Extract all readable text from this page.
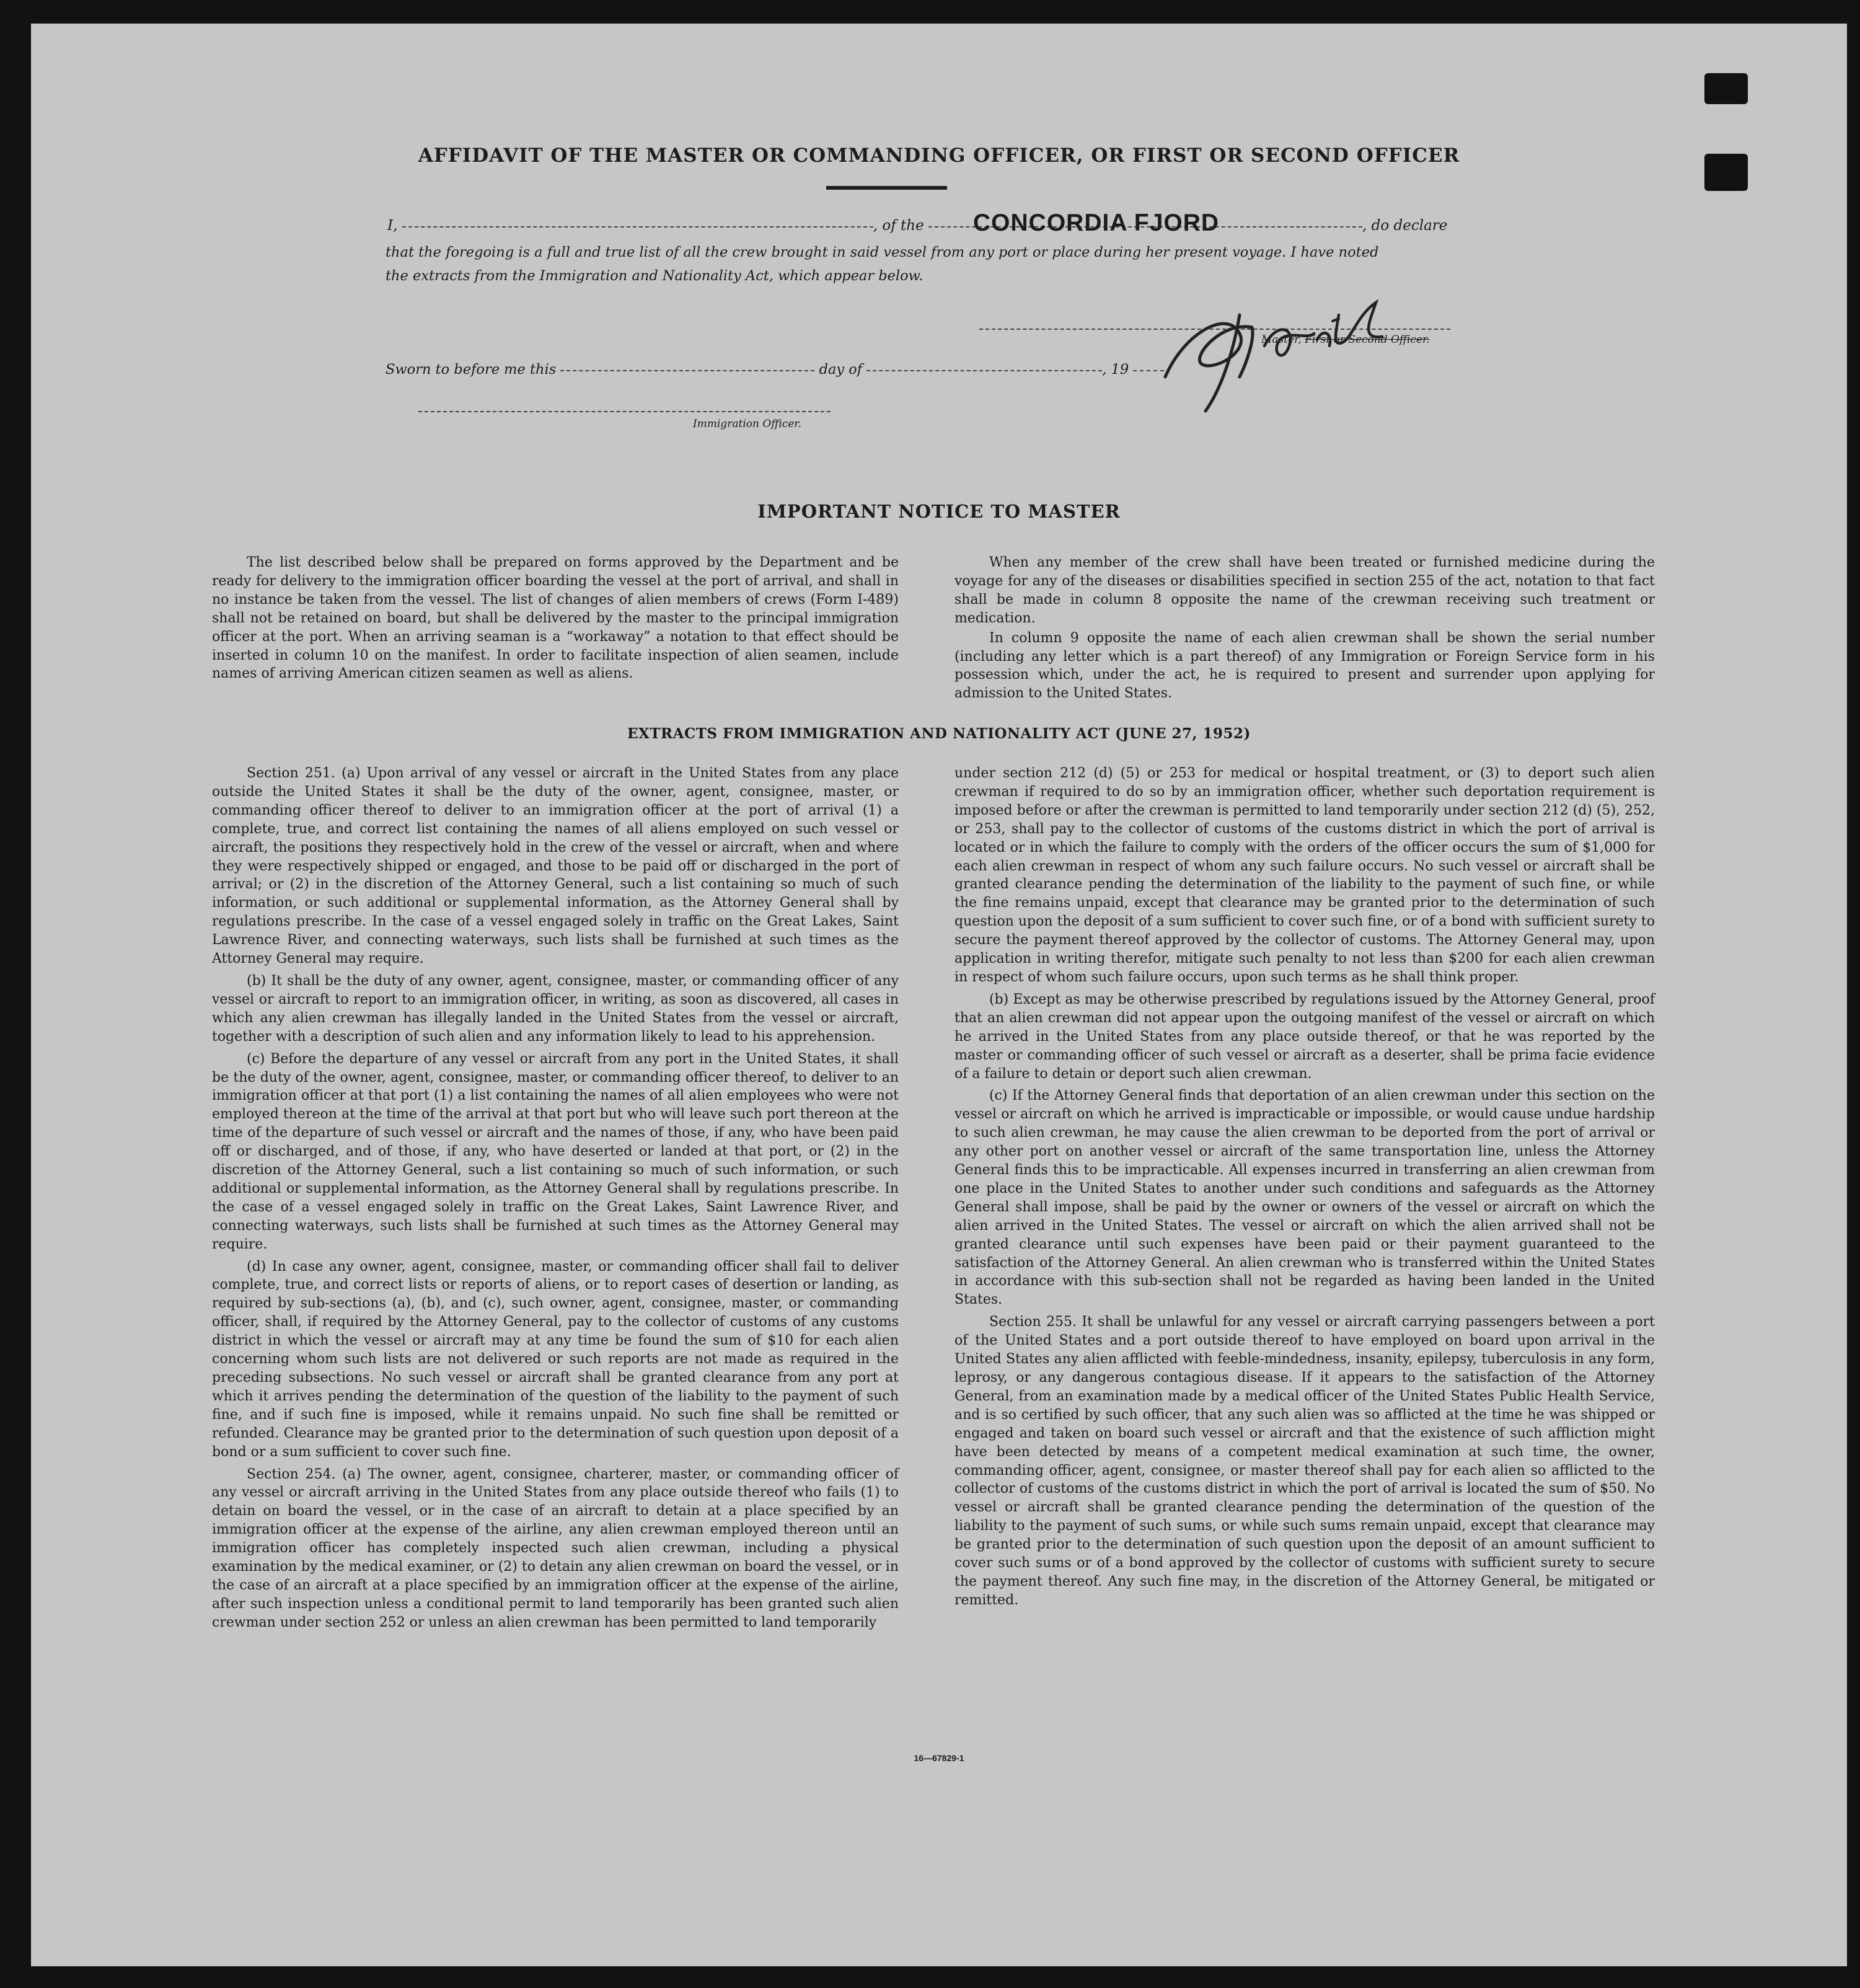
AFFIDAVIT OF THE MASTER OR COMMANDING OFFICER, OR FIRST OR SECOND OFFICER
I,	, of the	, do declare
CONCORDIA FJORD
that the foregoing is a full and true list of all the crew brought in said vessel from any port or place during her present voyage. I have noted
the extracts from the Immigration and Nationality Act, which appear below.
Master, First or Second Officer.
Sworn to before me this	day of	, 19
Immigration Officer.
IMPORTANT NOTICE TO MASTER

The list described below shall be prepared on forms approved by the Department and be ready for delivery to the immigration officer boarding the vessel at the port of arrival, and shall in no instance be taken from the vessel. The list of changes of alien members of crews (Form I-489) shall not be retained on board, but shall be delivered by the master to the principal immigration officer at the port. When an arriving seaman is a “workaway” a notation to that effect should be inserted in column 10 on the manifest. In order to facilitate inspection of alien seamen, include names of arriving American citizen seamen as well as aliens.

When any member of the crew shall have been treated or furnished medicine during the voyage for any of the diseases or disabilities specified in section 255 of the act, notation to that fact shall be made in column 8 opposite the name of the crewman receiving such treatment or medication.

In column 9 opposite the name of each alien crewman shall be shown the serial number (including any letter which is a part thereof) of any Immigration or Foreign Service form in his possession which, under the act, he is required to present and surrender upon applying for admission to the United States.

EXTRACTS FROM IMMIGRATION AND NATIONALITY ACT (JUNE 27, 1952)

Section 251. (a) Upon arrival of any vessel or aircraft in the United States from any place outside the United States it shall be the duty of the owner, agent, consignee, master, or commanding officer thereof to deliver to an immigration officer at the port of arrival (1) a complete, true, and correct list containing the names of all aliens employed on such vessel or aircraft, the positions they respectively hold in the crew of the vessel or aircraft, when and where they were respectively shipped or engaged, and those to be paid off or discharged in the port of arrival; or (2) in the discretion of the Attorney General, such a list containing so much of such information, or such additional or supplemental information, as the Attorney General shall by regulations prescribe. In the case of a vessel engaged solely in traffic on the Great Lakes, Saint Lawrence River, and connecting waterways, such lists shall be furnished at such times as the Attorney General may require.

(b) It shall be the duty of any owner, agent, consignee, master, or commanding officer of any vessel or aircraft to report to an immigration officer, in writing, as soon as discovered, all cases in which any alien crewman has illegally landed in the United States from the vessel or aircraft, together with a description of such alien and any information likely to lead to his apprehension.

(c) Before the departure of any vessel or aircraft from any port in the United States, it shall be the duty of the owner, agent, consignee, master, or commanding officer thereof, to deliver to an immigration officer at that port (1) a list containing the names of all alien employees who were not employed thereon at the time of the arrival at that port but who will leave such port thereon at the time of the departure of such vessel or aircraft and the names of those, if any, who have been paid off or discharged, and of those, if any, who have deserted or landed at that port, or (2) in the discretion of the Attorney General, such a list containing so much of such information, or such additional or supplemental information, as the Attorney General shall by regulations prescribe. In the case of a vessel engaged solely in traffic on the Great Lakes, Saint Lawrence River, and connecting waterways, such lists shall be furnished at such times as the Attorney General may require.

(d) In case any owner, agent, consignee, master, or commanding officer shall fail to deliver complete, true, and correct lists or reports of aliens, or to report cases of desertion or landing, as required by sub-sections (a), (b), and (c), such owner, agent, consignee, master, or commanding officer, shall, if required by the Attorney General, pay to the collector of customs of any customs district in which the vessel or aircraft may at any time be found the sum of $10 for each alien concerning whom such lists are not delivered or such reports are not made as required in the preceding subsections. No such vessel or aircraft shall be granted clearance from any port at which it arrives pending the determination of the question of the liability to the payment of such fine, and if such fine is imposed, while it remains unpaid. No such fine shall be remitted or refunded. Clearance may be granted prior to the determination of such question upon deposit of a bond or a sum sufficient to cover such fine.

Section 254. (a) The owner, agent, consignee, charterer, master, or commanding officer of any vessel or aircraft arriving in the United States from any place outside thereof who fails (1) to detain on board the vessel, or in the case of an aircraft to detain at a place specified by an immigration officer at the expense of the airline, any alien crewman employed thereon until an immigration officer has completely inspected such alien crewman, including a physical examination by the medical examiner, or (2) to detain any alien crewman on board the vessel, or in the case of an aircraft at a place specified by an immigration officer at the expense of the airline, after such inspection unless a conditional permit to land temporarily has been granted such alien crewman under section 252 or unless an alien crewman has been permitted to land temporarily

under section 212 (d) (5) or 253 for medical or hospital treatment, or (3) to deport such alien crewman if required to do so by an immigration officer, whether such deportation requirement is imposed before or after the crewman is permitted to land temporarily under section 212 (d) (5), 252, or 253, shall pay to the collector of customs of the customs district in which the port of arrival is located or in which the failure to comply with the orders of the officer occurs the sum of $1,000 for each alien crewman in respect of whom any such failure occurs. No such vessel or aircraft shall be granted clearance pending the determination of the liability to the payment of such fine, or while the fine remains unpaid, except that clearance may be granted prior to the determination of such question upon the deposit of a sum sufficient to cover such fine, or of a bond with sufficient surety to secure the payment thereof approved by the collector of customs. The Attorney General may, upon application in writing therefor, mitigate such penalty to not less than $200 for each alien crewman in respect of whom such failure occurs, upon such terms as he shall think proper.

(b) Except as may be otherwise prescribed by regulations issued by the Attorney General, proof that an alien crewman did not appear upon the outgoing manifest of the vessel or aircraft on which he arrived in the United States from any place outside thereof, or that he was reported by the master or commanding officer of such vessel or aircraft as a deserter, shall be prima facie evidence of a failure to detain or deport such alien crewman.

(c) If the Attorney General finds that deportation of an alien crewman under this section on the vessel or aircraft on which he arrived is impracticable or impossible, or would cause undue hardship to such alien crewman, he may cause the alien crewman to be deported from the port of arrival or any other port on another vessel or aircraft of the same transportation line, unless the Attorney General finds this to be impracticable. All expenses incurred in transferring an alien crewman from one place in the United States to another under such conditions and safeguards as the Attorney General shall impose, shall be paid by the owner or owners of the vessel or aircraft on which the alien arrived in the United States. The vessel or aircraft on which the alien arrived shall not be granted clearance until such expenses have been paid or their payment guaranteed to the satisfaction of the Attorney General. An alien crewman who is transferred within the United States in accordance with this sub-section shall not be regarded as having been landed in the United States.

Section 255. It shall be unlawful for any vessel or aircraft carrying passengers between a port of the United States and a port outside thereof to have employed on board upon arrival in the United States any alien afflicted with feeble-mindedness, insanity, epilepsy, tuberculosis in any form, leprosy, or any dangerous contagious disease. If it appears to the satisfaction of the Attorney General, from an examination made by a medical officer of the United States Public Health Service, and is so certified by such officer, that any such alien was so afflicted at the time he was shipped or engaged and taken on board such vessel or aircraft and that the existence of such affliction might have been detected by means of a competent medical examination at such time, the owner, commanding officer, agent, consignee, or master thereof shall pay for each alien so afflicted to the collector of customs of the customs district in which the port of arrival is located the sum of $50. No vessel or aircraft shall be granted clearance pending the determination of the question of the liability to the payment of such sums, or while such sums remain unpaid, except that clearance may be granted prior to the determination of such question upon the deposit of an amount sufficient to cover such sums or of a bond approved by the collector of customs with sufficient surety to secure the payment thereof. Any such fine may, in the discretion of the Attorney General, be mitigated or remitted.

16—67829-1
